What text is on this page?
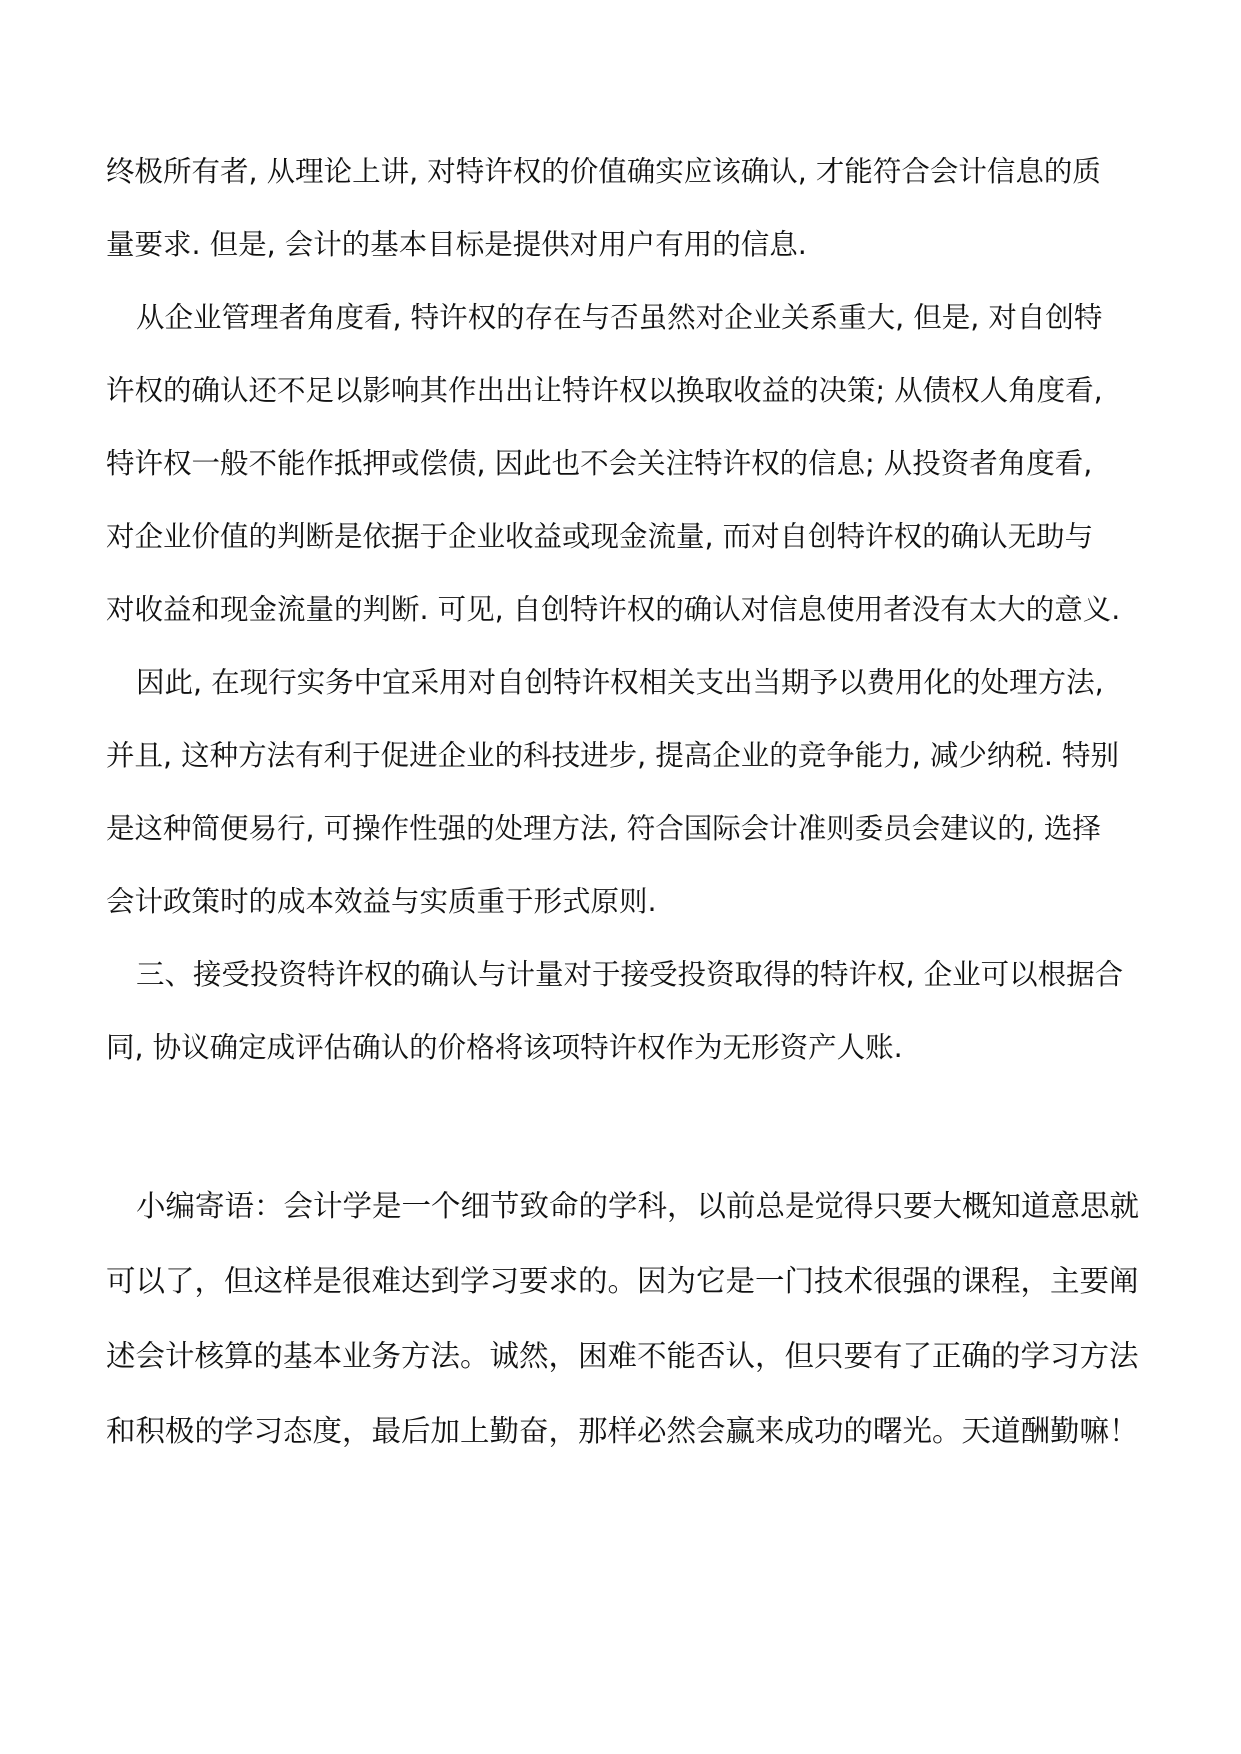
终极所有者, 从理论上讲, 对特许权的价值确实应该确认, 才能符合会计信息的质
量要求. 但是, 会计的基本目标是提供对用户有用的信息.
从企业管理者角度看, 特许权的存在与否虽然对企业关系重大, 但是, 对自创特
许权的确认还不足以影响其作出出让特许权以换取收益的决策; 从债权人角度看,
特许权一般不能作抵押或偿债, 因此也不会关注特许权的信息; 从投资者角度看,
对企业价值的判断是依据于企业收益或现金流量, 而对自创特许权的确认无助与
对收益和现金流量的判断. 可见, 自创特许权的确认对信息使用者没有太大的意义.
因此, 在现行实务中宜采用对自创特许权相关支出当期予以费用化的处理方法,
并且, 这种方法有利于促进企业的科技进步, 提高企业的竞争能力, 减少纳税. 特别
是这种简便易行, 可操作性强的处理方法, 符合国际会计准则委员会建议的, 选择
会计政策时的成本效益与实质重于形式原则.
三、接受投资特许权的确认与计量对于接受投资取得的特许权, 企业可以根据合
同, 协议确定成评估确认的价格将该项特许权作为无形资产人账.
小编寄语：会计学是一个细节致命的学科，以前总是觉得只要大概知道意思就
可以了，但这样是很难达到学习要求的。因为它是一门技术很强的课程，主要阐
述会计核算的基本业务方法。诚然，困难不能否认，但只要有了正确的学习方法
和积极的学习态度，最后加上勤奋，那样必然会赢来成功的曙光。天道酬勤嘛！
